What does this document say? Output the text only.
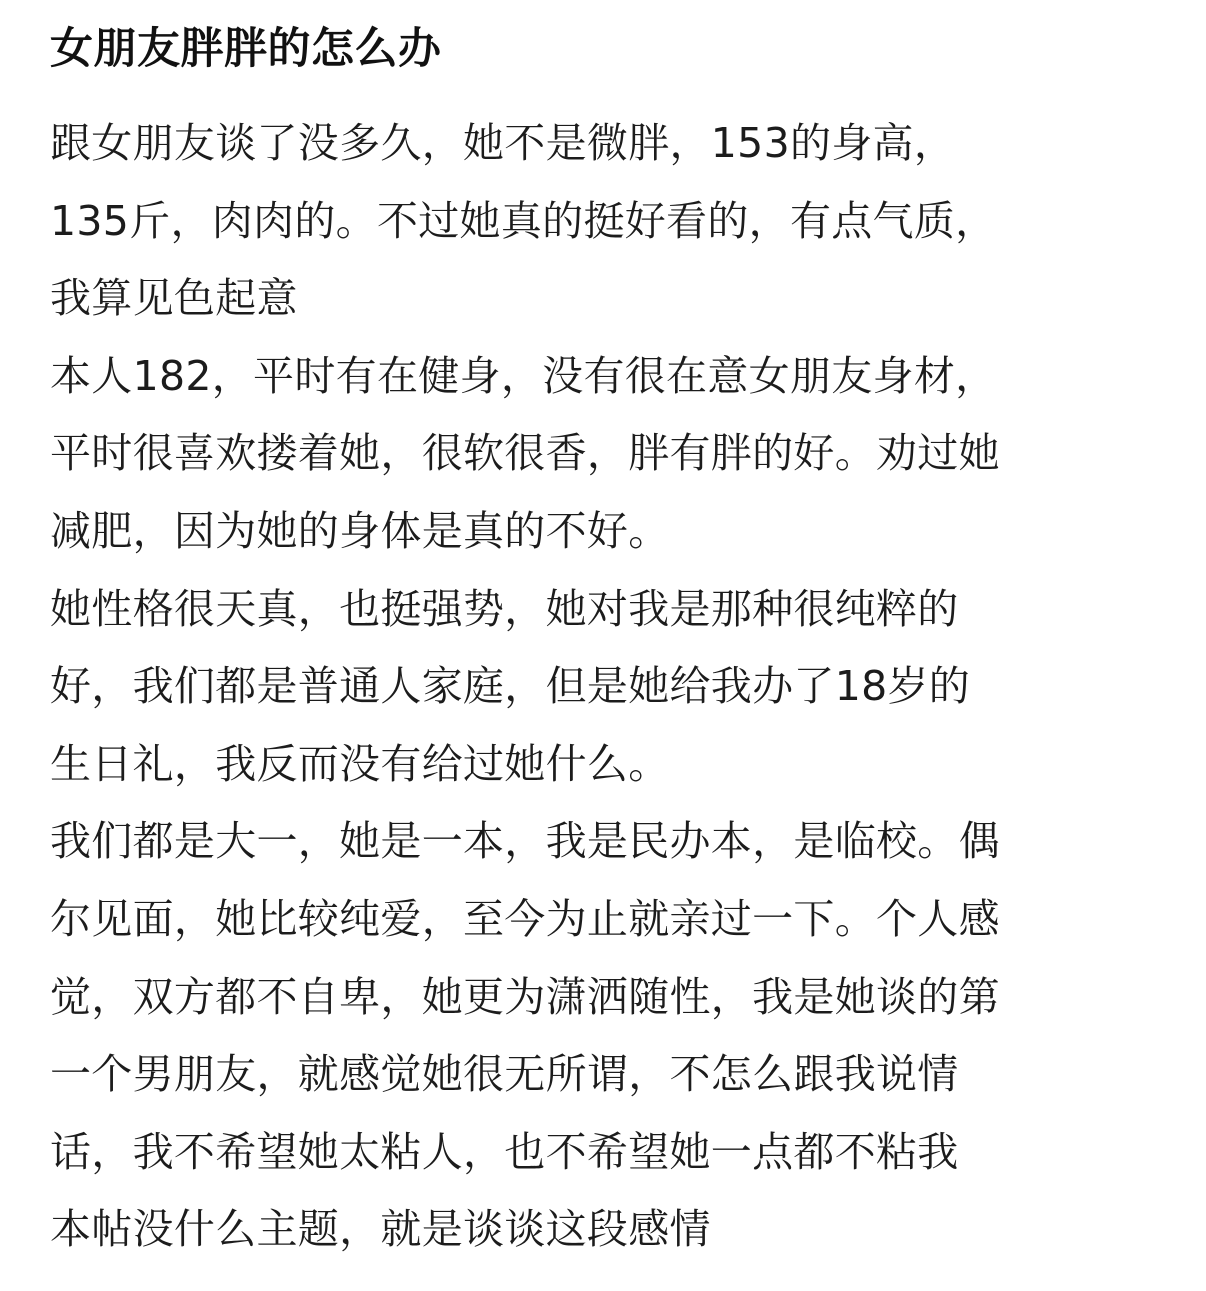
女朋友胖胖的怎么办
跟女朋友谈了没多久，她不是微胖，153的身高，
135斤，肉肉的。不过她真的挺好看的，有点气质，
我算见色起意
本人182，平时有在健身，没有很在意女朋友身材，
平时很喜欢搂着她，很软很香，胖有胖的好。劝过她
减肥，因为她的身体是真的不好。
她性格很天真，也挺强势，她对我是那种很纯粹的
好，我们都是普通人家庭，但是她给我办了18岁的
生日礼，我反而没有给过她什么。
我们都是大一，她是一本，我是民办本，是临校。偶
尔见面，她比较纯爱，至今为止就亲过一下。个人感
觉，双方都不自卑，她更为潇洒随性，我是她谈的第
一个男朋友，就感觉她很无所谓，不怎么跟我说情
话，我不希望她太粘人，也不希望她一点都不粘我
本帖没什么主题，就是谈谈这段感情
